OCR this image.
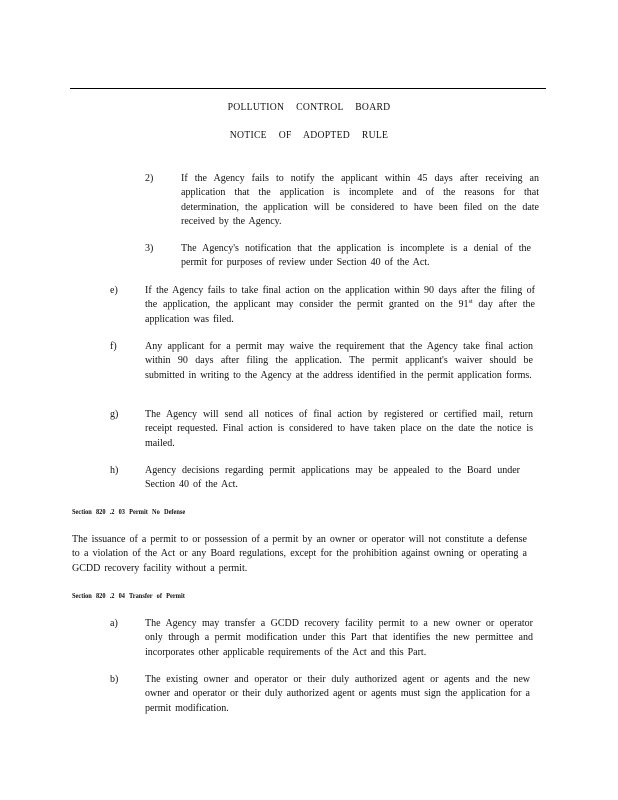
POLLUTION CONTROL BOARD
NOTICE OF ADOPTED RULE
2)	If the Agency fails to notify the applicant within 45 days after receiving an application that the application is incomplete and of the reasons for that determination, the application will be considered to have been filed on the date received by the Agency.
3)	The Agency's notification that the application is incomplete is a denial of the permit for purposes of review under Section 40 of the Act.
e)	If the Agency fails to take final action on the application within 90 days after the filing of the application, the applicant may consider the permit granted on the 91st day after the application was filed.
f)	Any applicant for a permit may waive the requirement that the Agency take final action within 90 days after filing the application. The permit applicant's waiver should be submitted in writing to the Agency at the address identified in the permit application forms.
g)	The Agency will send all notices of final action by registered or certified mail, return receipt requested. Final action is considered to have taken place on the date the notice is mailed.
h)	Agency decisions regarding permit applications may be appealed to the Board under Section 40 of the Act.
Section 820 .2 03 Permit No Defense
The issuance of a permit to or possession of a permit by an owner or operator will not constitute a defense to a violation of the Act or any Board regulations, except for the prohibition against owning or operating a GCDD recovery facility without a permit.
Section 820 .2 04 Transfer of Permit
a)	The Agency may transfer a GCDD recovery facility permit to a new owner or operator only through a permit modification under this Part that identifies the new permittee and incorporates other applicable requirements of the Act and this Part.
b)	The existing owner and operator or their duly authorized agent or agents and the new owner and operator or their duly authorized agent or agents must sign the application for a permit modification.
